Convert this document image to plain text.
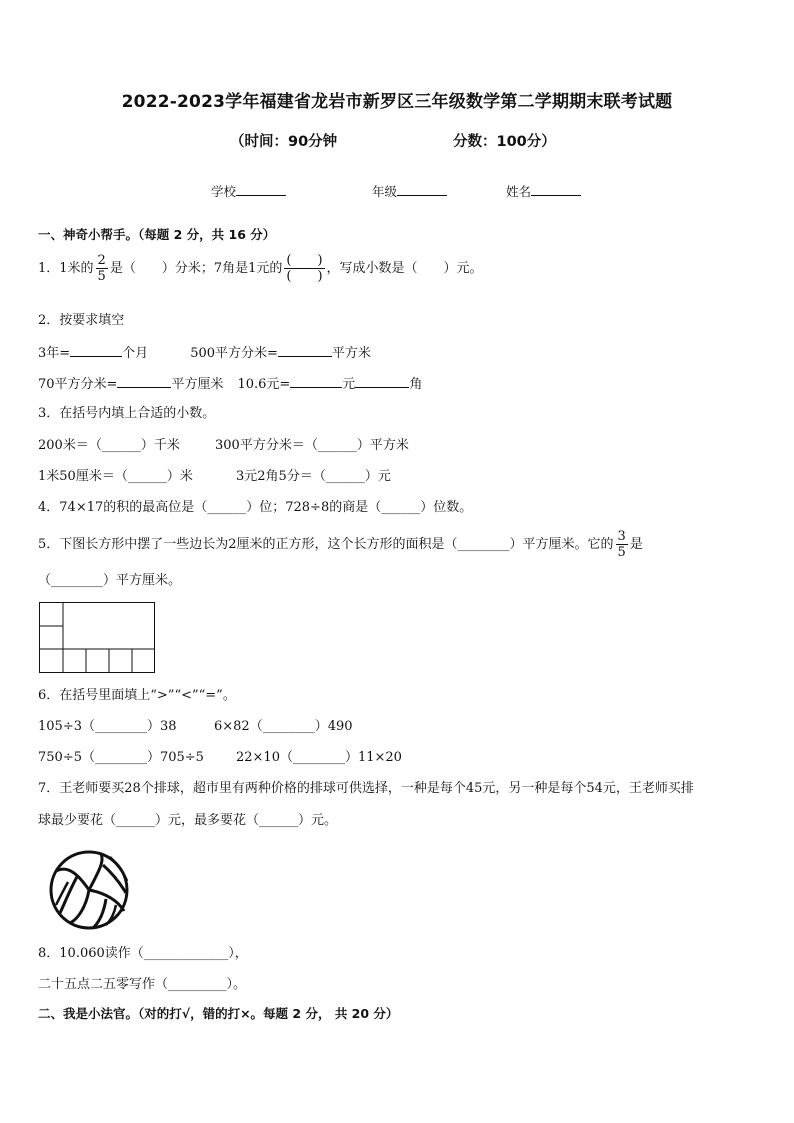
2022-2023学年福建省龙岩市新罗区三年级数学第二学期期末联考试题
（时间：90分钟	分数：100分）
学校	年级	姓名
一、神奇小帮手。（每题 2 分，共 16 分）
1．1米的 $\frac{2}{5}$ 是（　　）分米；7角是1元的 $\frac{( )}{( )}$ ，写成小数是（　　）元。
2．按要求填空
3年=	个月	500平方分米=	平方米
70平方分米=	平方厘米 10.6元=	元	角
3．在括号内填上合适的小数。
200米＝（______）千米	300平方分米＝（______）平方米
1米50厘米＝（______）米	3元2角5分＝（______）元
4．74×17的积的最高位是（______）位；728÷8的商是（______）位数。
5．下图长方形中摆了一些边长为2厘米的正方形，这个长方形的面积是（________）平方厘米。它的 $\frac{3}{5}$ 是
（________）平方厘米。
6．在括号里面填上“>”“<”“=”。
105÷3（________）38	6×82（________）490
750÷5（________）705÷5 22×10（________）11×20
7．王老师要买28个排球，超市里有两种价格的排球可供选择，一种是每个45元，另一种是每个54元，王老师买排
球最少要花（______）元，最多要花（______）元。
8．10.060读作（_____________），
二十五点二五零写作（_________）。
二、我是小法官。（对的打√，错的打×。每题 2 分， 共 20 分）
